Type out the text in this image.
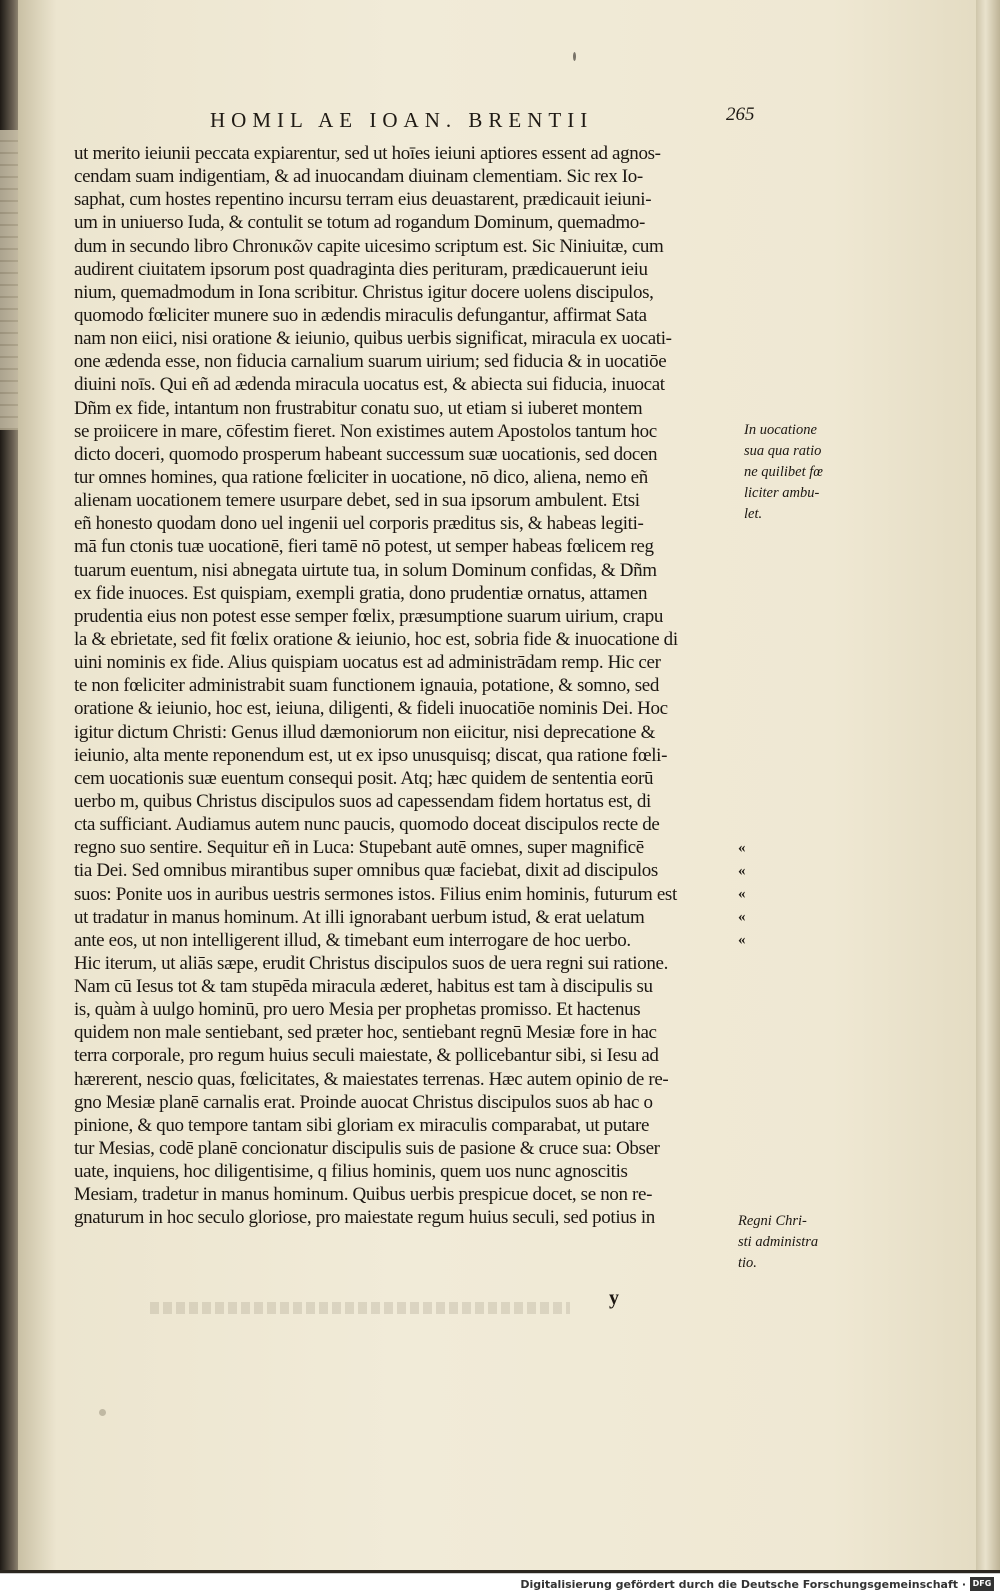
HOMIL AE IOAN. BRENTII	265
ut merito ieiunii peccata expiarentur, sed ut hoīes ieiuni aptiores essent ad agnos-
cendam suam indigentiam, & ad inuocandam diuinam clementiam. Sic rex Io-
saphat, cum hostes repentino incursu terram eius deuastarent, prædicauit ieiuni-
um in uniuerso Iuda, & contulit se totum ad rogandum Dominum, quemadmo-
dum in secundo libro Chronικῶν capite uicesimo scriptum est. Sic Niniuitæ, cum
audirent ciuitatem ipsorum post quadraginta dies perituram, prædicauerunt ieiu
nium, quemadmodum in Iona scribitur. Christus igitur docere uolens discipulos,
quomodo fœliciter munere suo in ædendis miraculis defungantur, affirmat Sata
nam non eiici, nisi oratione & ieiunio, quibus uerbis significat, miracula ex uocati-
one ædenda esse, non fiducia carnalium suarum uirium; sed fiducia & in uocatiōe
diuini noīs. Qui eñ ad ædenda miracula uocatus est, & abiecta sui fiducia, inuocat
Dñm ex fide, intantum non frustrabitur conatu suo, ut etiam si iuberet montem
se proiicere in mare, cōfestim fieret. Non existimes autem Apostolos tantum hoc
dicto doceri, quomodo prosperum habeant successum suæ uocationis, sed docen
tur omnes homines, qua ratione fœliciter in uocatione, nō dico, aliena, nemo eñ
alienam uocationem temere usurpare debet, sed in sua ipsorum ambulent. Etsi
eñ honesto quodam dono uel ingenii uel corporis præditus sis, & habeas legiti-
mā fun ctonis tuæ uocationē, fieri tamē nō potest, ut semper habeas fœlicem reg
tuarum euentum, nisi abnegata uirtute tua, in solum Dominum confidas, & Dñm
ex fide inuoces. Est quispiam, exempli gratia, dono prudentiæ ornatus, attamen
prudentia eius non potest esse semper fœlix, præsumptione suarum uirium, crapu
la & ebrietate, sed fit fœlix oratione & ieiunio, hoc est, sobria fide & inuocatione di
uini nominis ex fide. Alius quispiam uocatus est ad administrādam remp. Hic cer
te non fœliciter administrabit suam functionem ignauia, potatione, & somno, sed
oratione & ieiunio, hoc est, ieiuna, diligenti, & fideli inuocatiōe nominis Dei. Hoc
igitur dictum Christi: Genus illud dæmoniorum non eiicitur, nisi deprecatione &
ieiunio, alta mente reponendum est, ut ex ipso unusquisq; discat, qua ratione fœli-
cem uocationis suæ euentum consequi posit. Atq; hæc quidem de sententia eorū
uerbo m, quibus Christus discipulos suos ad capessendam fidem hortatus est, di
cta sufficiant. Audiamus autem nunc paucis, quomodo doceat discipulos recte de
regno suo sentire. Sequitur eñ in Luca: Stupebant autē omnes, super magnificē
tia Dei. Sed omnibus mirantibus super omnibus quæ faciebat, dixit ad discipulos
suos: Ponite uos in auribus uestris sermones istos. Filius enim hominis, futurum est
ut tradatur in manus hominum. At illi ignorabant uerbum istud, & erat uelatum
ante eos, ut non intelligerent illud, & timebant eum interrogare de hoc uerbo.
Hic iterum, ut aliās sæpe, erudit Christus discipulos suos de uera regni sui ratione.
Nam cū Iesus tot & tam stupēda miracula æderet, habitus est tam à discipulis su
is, quàm à uulgo hominū, pro uero Mesia per prophetas promisso. Et hactenus
quidem non male sentiebant, sed præter hoc, sentiebant regnū Mesiæ fore in hac
terra corporale, pro regum huius seculi maiestate, & pollicebantur sibi, si Iesu ad
hærerent, nescio quas, fœlicitates, & maiestates terrenas. Hæc autem opinio de re-
gno Mesiæ planē carnalis erat. Proinde auocat Christus discipulos suos ab hac o
pinione, & quo tempore tantam sibi gloriam ex miraculis comparabat, ut putare
tur Mesias, codē planē concionatur discipulis suis de pasione & cruce sua: Obser
uate, inquiens, hoc diligentisime, q filius hominis, quem uos nunc agnoscitis
Mesiam, tradetur in manus hominum. Quibus uerbis prespicue docet, se non re-
gnaturum in hoc seculo gloriose, pro maiestate regum huius seculi, sed potius in
In uocatione
sua qua ratio
ne quilibet fœ
liciter ambu-
let.
Regni Chri-
sti administra
tio.
«
«
«
«
«
y
Digitalisierung gefördert durch die Deutsche Forschungsgemeinschaft · DFG
